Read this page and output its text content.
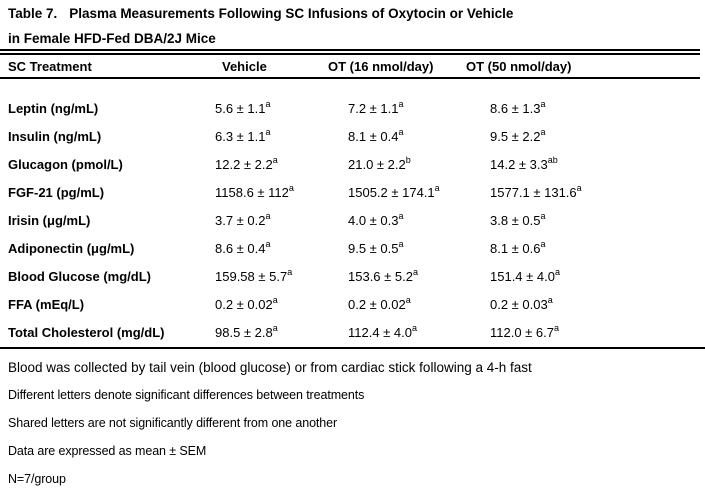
Table 7. Plasma Measurements Following SC Infusions of Oxytocin or Vehicle
in Female HFD-Fed DBA/2J Mice
SC Treatment	Vehicle	OT (16 nmol/day)	OT (50 nmol/day)
Leptin (ng/mL)	5.6 ± 1.1$^a$	7.2 ± 1.1$^a$	8.6 ± 1.3$^a$
Insulin (ng/mL)	6.3 ± 1.1$^a$	8.1 ± 0.4$^a$	9.5 ± 2.2$^a$
Glucagon (pmol/L)	12.2 ± 2.2$^a$	21.0 ± 2.2$^b$	14.2 ± 3.3$^{ab}$
FGF-21 (pg/mL)	$1158.6 \pm 112^a$	1505.2 ± 174.1$^a$	1577.1 ± 131.6$^a$
Irisin (μg/mL)	3.7 ± 0.2$^a$	4.0 ± 0.3$^a$	3.8 ± 0.5$^a$
Adiponectin (μg/mL)	8.6 ± 0.4$^a$	9.5 ± 0.5$^a$	8.1 ± 0.6$^a$
Blood Glucose (mg/dL)	159.58 ± 5.7$^a$	153.6 ± 5.2$^a$	151.4 ± 4.0$^a$
FFA (mEq/L)	0.2 ± 0.02$^a$	0.2 ± 0.02$^a$	0.2 ± 0.03$^a$
Total Cholesterol (mg/dL)	98.5 ± 2.8$^a$	112.4 ± 4.0$^a$	112.0 ± 6.7$^a$

Blood was collected by tail vein (blood glucose) or from cardiac stick following a 4-h fast

Different letters denote significant differences between treatments

Shared letters are not significantly different from one another

Data are expressed as mean ± SEM

N=7/group
